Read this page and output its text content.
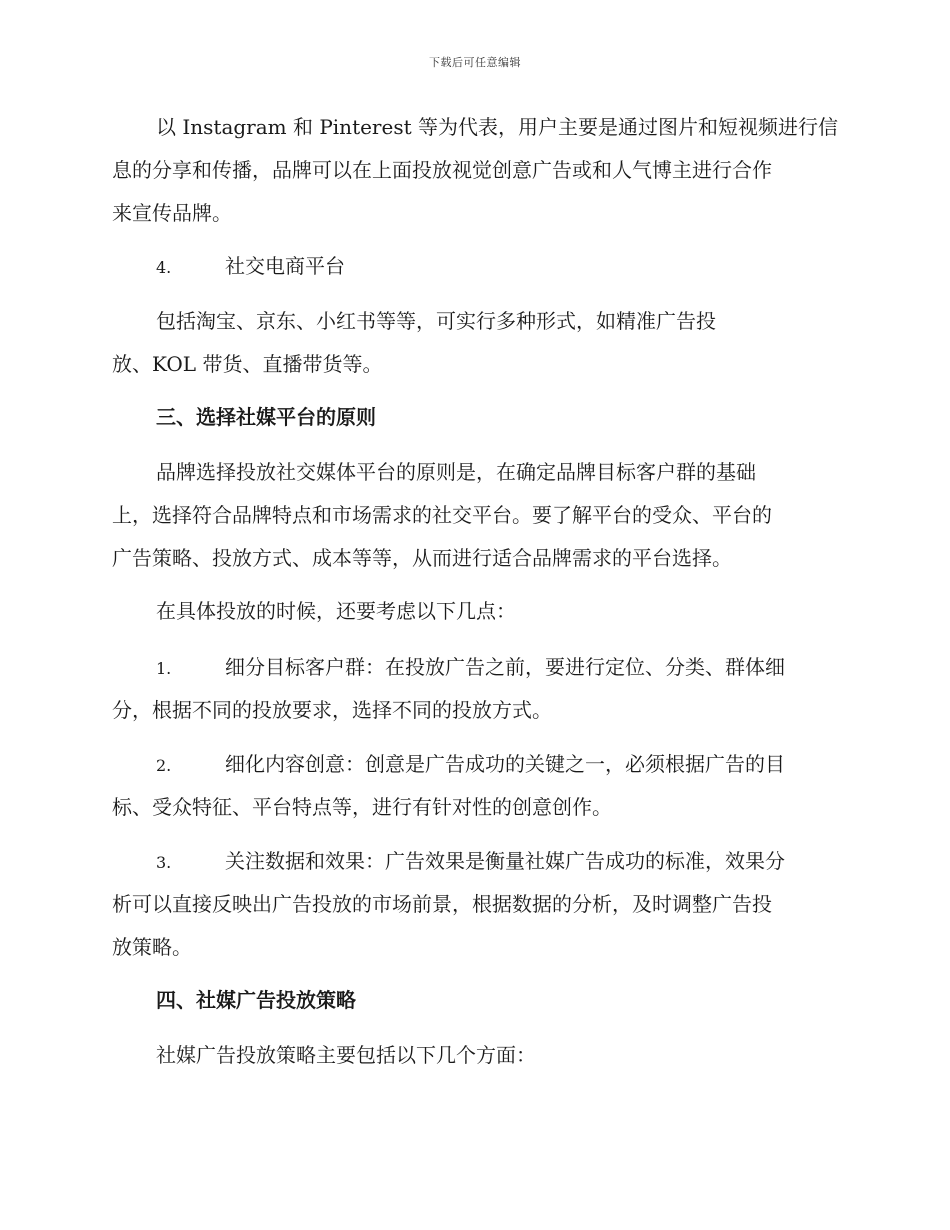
下载后可任意编辑
以 Instagram 和 Pinterest 等为代表，用户主要是通过图片和短视频进行信
息的分享和传播，品牌可以在上面投放视觉创意广告或和人气博主进行合作
来宣传品牌。
4.	社交电商平台
包括淘宝、京东、小红书等等，可实行多种形式，如精准广告投
放、KOL 带货、直播带货等。
三、选择社媒平台的原则
品牌选择投放社交媒体平台的原则是，在确定品牌目标客户群的基础
上，选择符合品牌特点和市场需求的社交平台。要了解平台的受众、平台的
广告策略、投放方式、成本等等，从而进行适合品牌需求的平台选择。
在具体投放的时候，还要考虑以下几点：
1.	细分目标客户群：在投放广告之前，要进行定位、分类、群体细
分，根据不同的投放要求，选择不同的投放方式。
2.	细化内容创意：创意是广告成功的关键之一，必须根据广告的目
标、受众特征、平台特点等，进行有针对性的创意创作。
3.	关注数据和效果：广告效果是衡量社媒广告成功的标准，效果分
析可以直接反映出广告投放的市场前景，根据数据的分析，及时调整广告投
放策略。
四、社媒广告投放策略
社媒广告投放策略主要包括以下几个方面：
